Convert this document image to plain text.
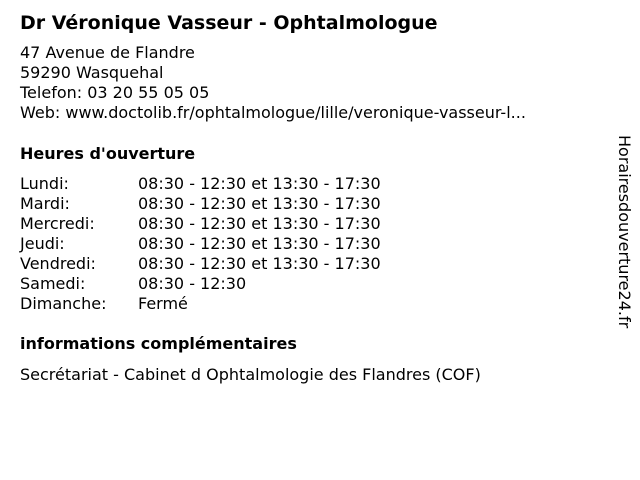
Dr Véronique Vasseur - Ophtalmologue
47 Avenue de Flandre
59290 Wasquehal
Telefon: 03 20 55 05 05
Web: www.doctolib.fr/ophtalmologue/lille/veronique-vasseur-l...
Heures d'ouverture
Lundi:	08:30 - 12:30 et 13:30 - 17:30
Mardi:	08:30 - 12:30 et 13:30 - 17:30
Mercredi:	08:30 - 12:30 et 13:30 - 17:30
Jeudi:	08:30 - 12:30 et 13:30 - 17:30
Vendredi:	08:30 - 12:30 et 13:30 - 17:30
Samedi:	08:30 - 12:30
Dimanche: Fermé
informations complémentaires
Secrétariat - Cabinet d Ophtalmologie des Flandres (COF)
Horairesdouverture24.fr
